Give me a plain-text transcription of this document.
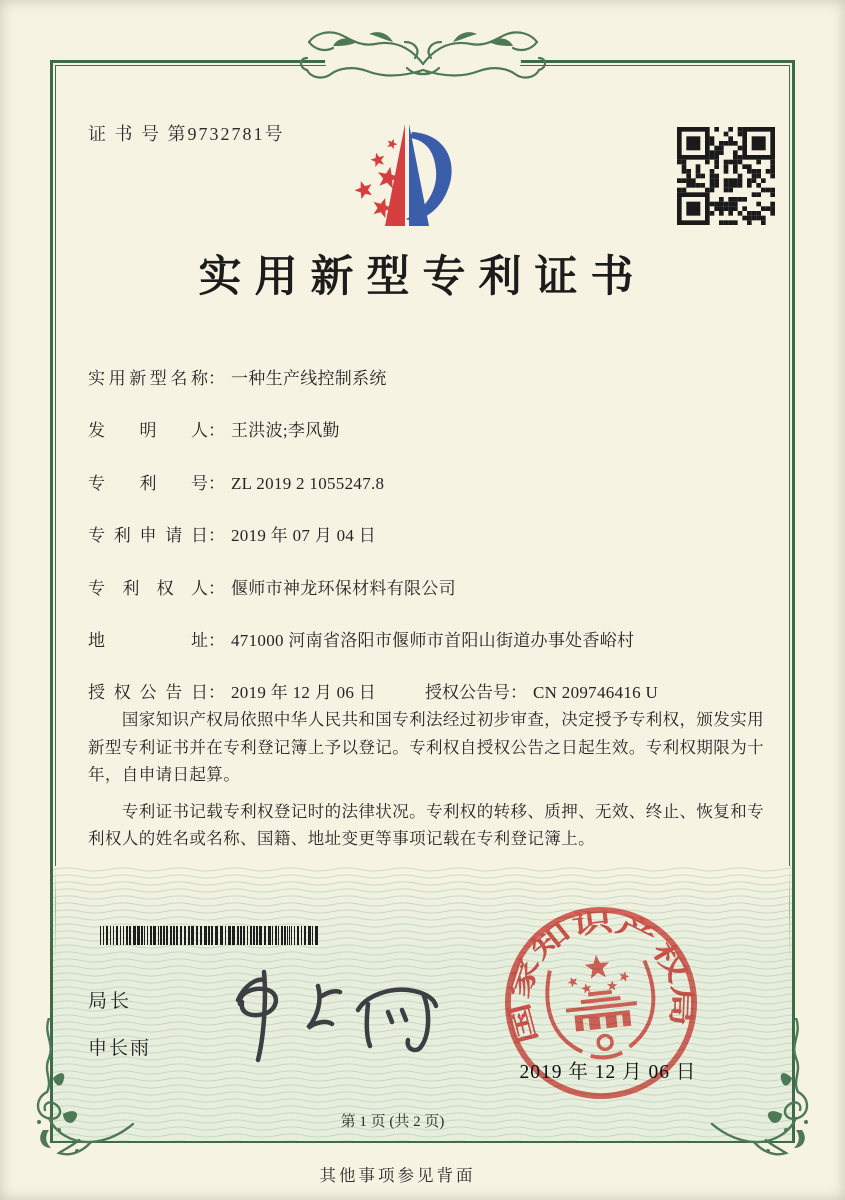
证 书 号 第9732781号
实用新型专利证书
实用新型名称： 一种生产线控制系统
发明人： 王洪波;李风勤
专利号： ZL 2019 2 1055247.8
专利申请日： 2019 年 07 月 04 日
专利权人： 偃师市神龙环保材料有限公司
地址： 471000 河南省洛阳市偃师市首阳山街道办事处香峪村
授权公告日： 2019 年 12 月 06 日	授权公告号： CN 209746416 U

国家知识产权局依照中华人民共和国专利法经过初步审查，决定授予专利权，颁发实用新型专利证书并在专利登记簿上予以登记。专利权自授权公告之日起生效。专利权期限为十年，自申请日起算。

专利证书记载专利权登记时的法律状况。专利权的转移、质押、无效、终止、恢复和专利权人的姓名或名称、国籍、地址变更等事项记载在专利登记簿上。

局长
申长雨
国家知识产权局
2019 年 12 月 06 日
第 1 页 (共 2 页)
其他事项参见背面
